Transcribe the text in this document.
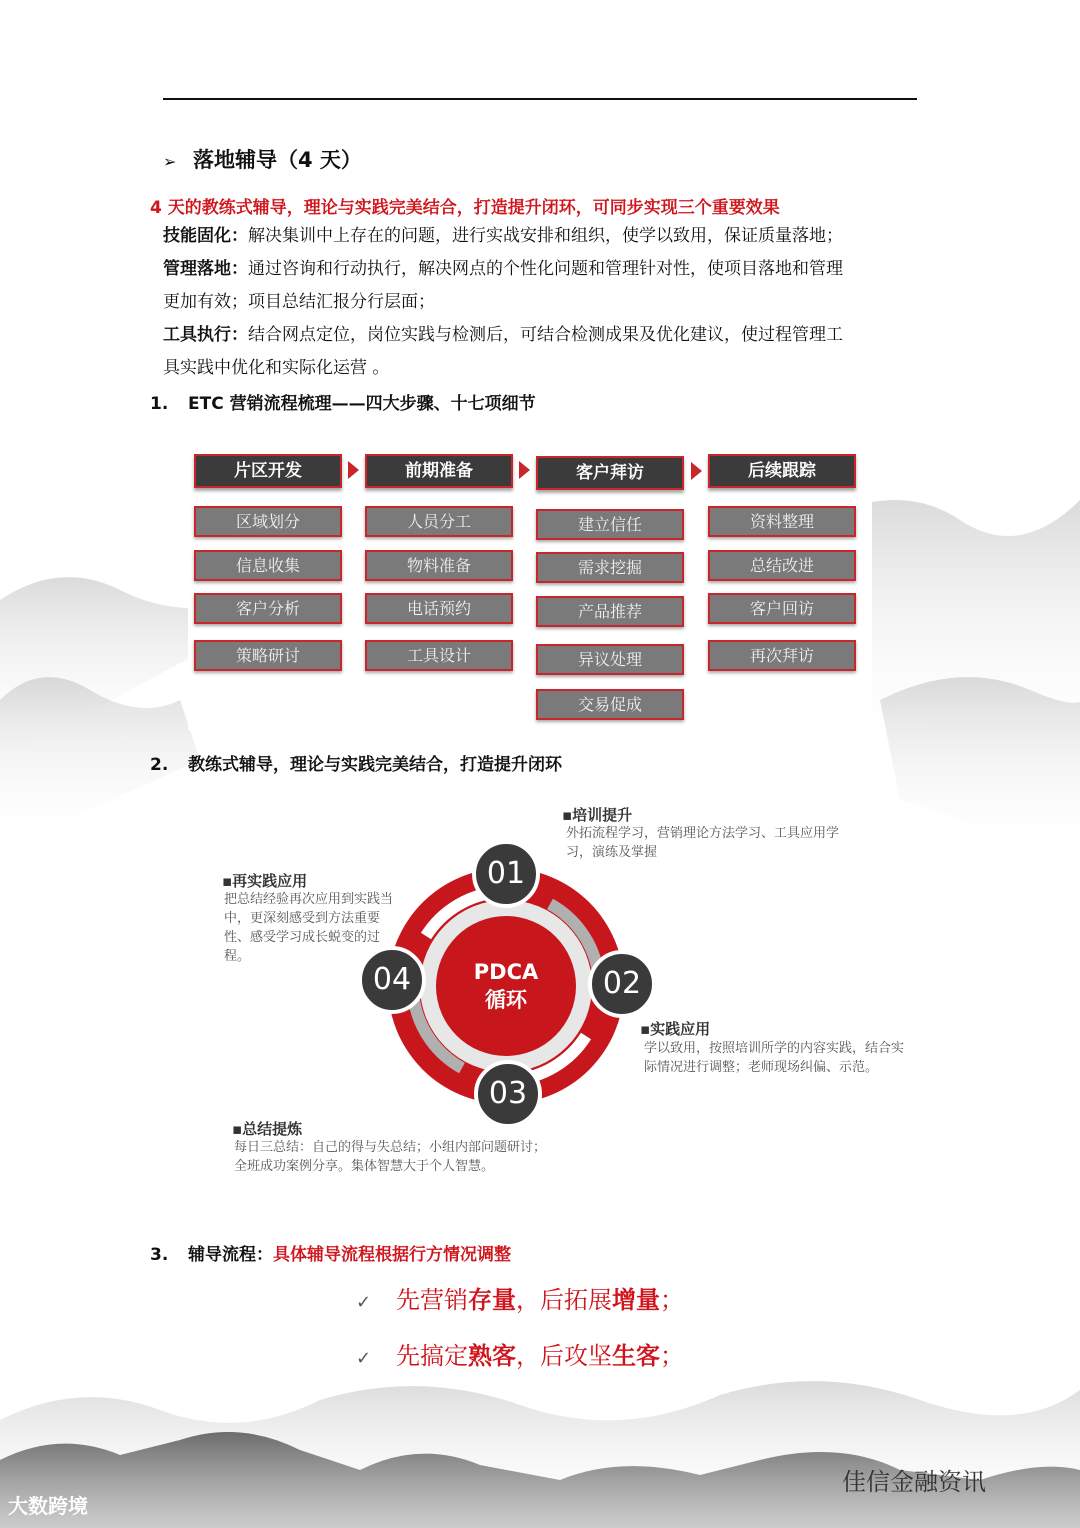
➢ 落地辅导（4 天）
4 天的教练式辅导，理论与实践完美结合，打造提升闭环，可同步实现三个重要效果
技能固化：解决集训中上存在的问题，进行实战安排和组织，使学以致用，保证质量落地；
管理落地：通过咨询和行动执行，解决网点的个性化问题和管理针对性，使项目落地和管理
更加有效；项目总结汇报分行层面；
工具执行：结合网点定位，岗位实践与检测后，可结合检测成果及优化建议，使过程管理工
具实践中优化和实际化运营 。
1. ETC 营销流程梳理——四大步骤、十七项细节
片区开发
区域划分
信息收集
客户分析
策略研讨
前期准备
人员分工
物料准备
电话预约
工具设计
客户拜访
建立信任
需求挖掘
产品推荐
异议处理
交易促成
后续跟踪
资料整理
总结改进
客户回访
再次拜访
2. 教练式辅导，理论与实践完美结合，打造提升闭环
PDCA
循环
01
02
03
04
▪培训提升
外拓流程学习，营销理论方法学习、工具应用学习，演练及掌握
▪实践应用
学以致用，按照培训所学的内容实践，结合实际情况进行调整；老师现场纠偏、示范。
▪总结提炼
每日三总结：自己的得与失总结；小组内部问题研讨；全班成功案例分享。集体智慧大于个人智慧。
▪再实践应用
把总结经验再次应用到实践当中，更深刻感受到方法重要性、感受学习成长蜕变的过程。
3. 辅导流程：具体辅导流程根据行方情况调整
✓ 先营销存量，后拓展增量；
✓ 先搞定熟客，后攻坚生客；
大数跨境
佳信金融资讯
